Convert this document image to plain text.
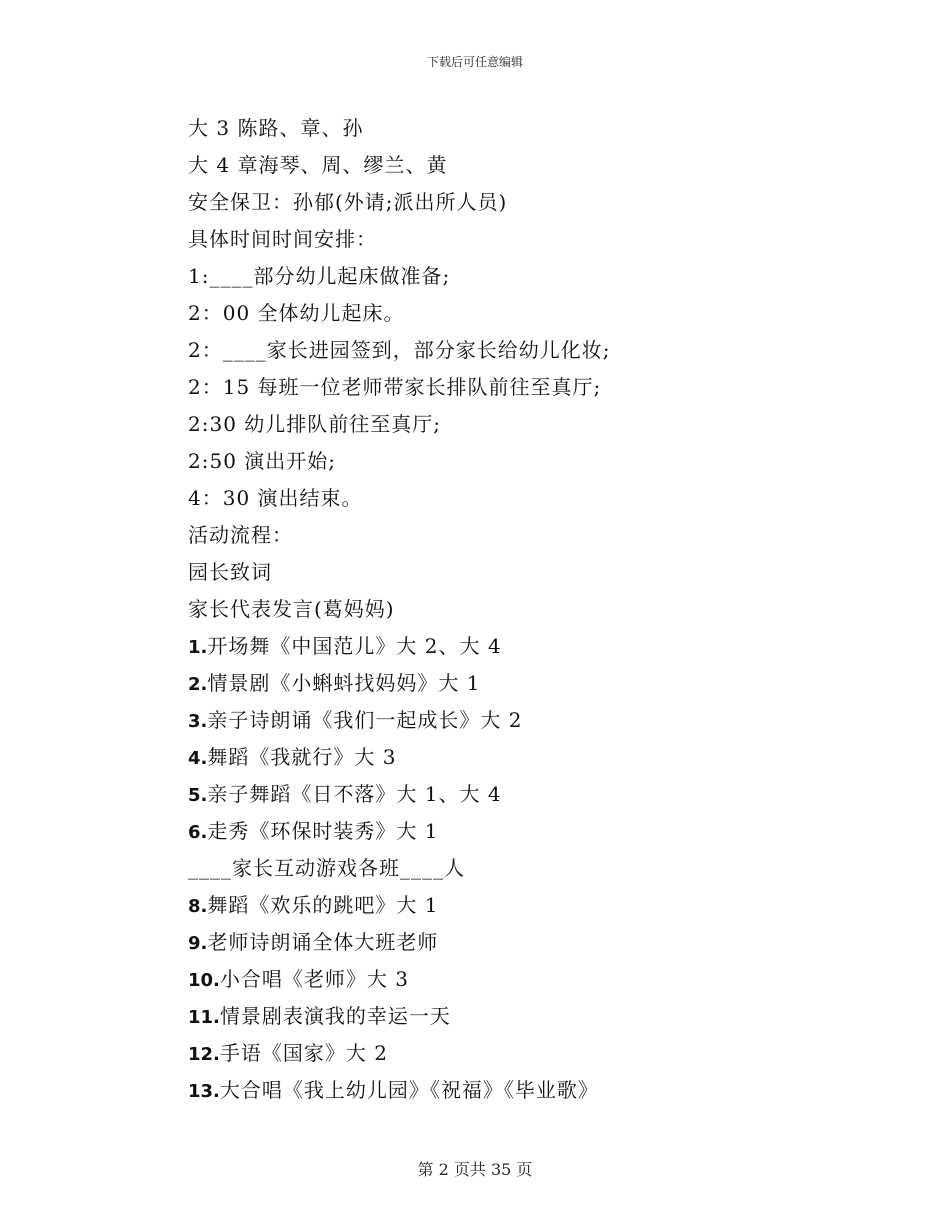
下载后可任意编辑
大 3 陈路、章、孙
大 4 章海琴、周、缪兰、黄
安全保卫：孙郁(外请;派出所人员)
具体时间时间安排：
1:____部分幼儿起床做准备;
2：00 全体幼儿起床。
2：____家长进园签到，部分家长给幼儿化妆;
2：15 每班一位老师带家长排队前往至真厅;
2:30 幼儿排队前往至真厅;
2:50 演出开始;
4：30 演出结束。
活动流程：
园长致词
家长代表发言(葛妈妈)
1.开场舞《中国范儿》大 2、大 4
2.情景剧《小蝌蚪找妈妈》大 1
3.亲子诗朗诵《我们一起成长》大 2
4.舞蹈《我就行》大 3
5.亲子舞蹈《日不落》大 1、大 4
6.走秀《环保时装秀》大 1
____家长互动游戏各班____人
8.舞蹈《欢乐的跳吧》大 1
9.老师诗朗诵全体大班老师
10.小合唱《老师》大 3
11.情景剧表演我的幸运一天
12.手语《国家》大 2
13.大合唱《我上幼儿园》《祝福》《毕业歌》
第 2 页共 35 页
